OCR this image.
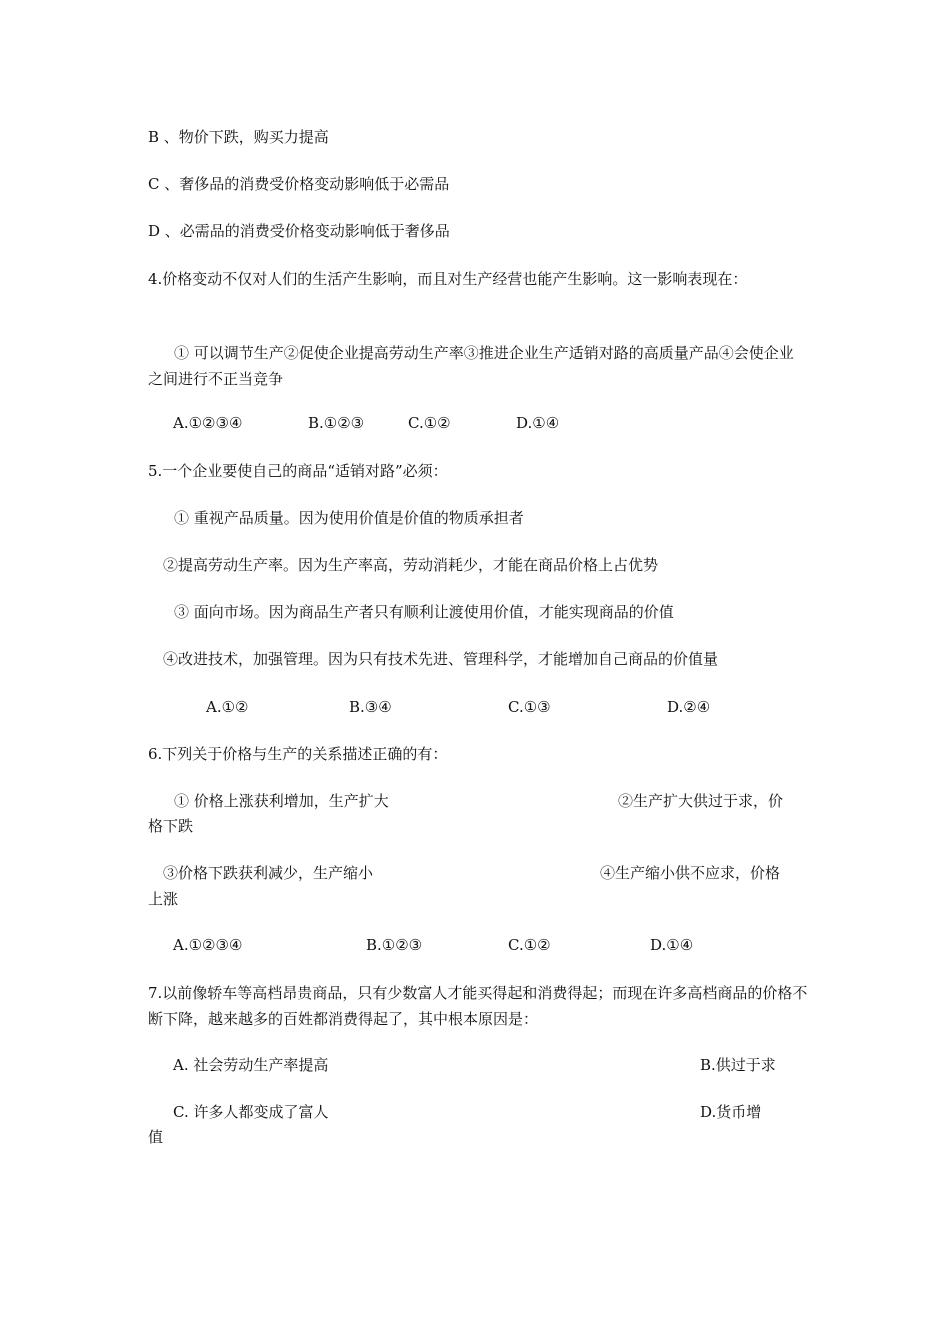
B 、物价下跌，购买力提高
C 、奢侈品的消费受价格变动影响低于必需品
D 、必需品的消费受价格变动影响低于奢侈品
4.价格变动不仅对人们的生活产生影响，而且对生产经营也能产生影响。这一影响表现在：
① 可以调节生产②促使企业提高劳动生产率③推进企业生产适销对路的高质量产品④会使企业之间进行不正当竞争
A.①②③④	B.①②③	C.①②	D.①④
5.一个企业要使自己的商品“适销对路”必须：
① 重视产品质量。因为使用价值是价值的物质承担者
②提高劳动生产率。因为生产率高，劳动消耗少，才能在商品价格上占优势
③ 面向市场。因为商品生产者只有顺利让渡使用价值，才能实现商品的价值
④改进技术，加强管理。因为只有技术先进、管理科学，才能增加自己商品的价值量
A.①②	B.③④	C.①③	D.②④
6.下列关于价格与生产的关系描述正确的有：
① 价格上涨获利增加，生产扩大	②生产扩大供过于求，价
格下跌
③价格下跌获利减少，生产缩小	④生产缩小供不应求，价格
上涨
A.①②③④	B.①②③	C.①②	D.①④
7.以前像轿车等高档昂贵商品，只有少数富人才能买得起和消费得起；而现在许多高档商品的价格不断下降，越来越多的百姓都消费得起了，其中根本原因是：
A. 社会劳动生产率提高	B.供过于求
C. 许多人都变成了富人	D.货币增
值
